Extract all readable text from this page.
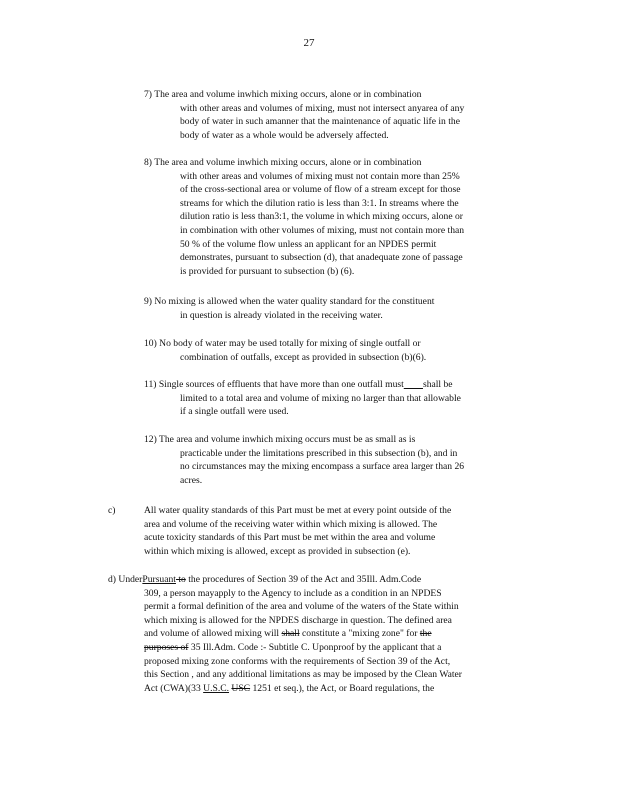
27
7) The area and volume inwhich mixing occurs, alone or in combination
with other areas and volumes of mixing, must not intersect anyarea of any
body of water in such amanner that the maintenance of aquatic life in the
body of water as a whole would be adversely affected.
8) The area and volume inwhich mixing occurs, alone or in combination
with other areas and volumes of mixing must not contain more than 25%
of the cross-sectional area or volume of flow of a stream except for those
streams for which the dilution ratio is less than 3:1. In streams where the
dilution ratio is less than3:1, the volume in which mixing occurs, alone or
in combination with other volumes of mixing, must not contain more than
50 % of the volume flow unless an applicant for an NPDES permit
demonstrates, pursuant to subsection (d), that anadequate zone of passage
is provided for pursuant to subsection (b) (6).
9) No mixing is allowed when the water quality standard for the constituent
in question is already violated in the receiving water.
10) No body of water may be used totally for mixing of single outfall or
combination of outfalls, except as provided in subsection (b)(6).
11) Single sources of effluents that have more than one outfall must​        shall be
limited to a total area and volume of mixing no larger than that allowable
if a single outfall were used.
12) The area and volume inwhich mixing occurs must be as small as is
practicable under the limitations prescribed in this subsection (b), and in
no circumstances may the mixing encompass a surface area larger than 26
acres.
c)	All water quality standards of this Part must be met at every point outside of the
area and volume of the receiving water within which mixing is allowed. The
acute toxicity standards of this Part must be met within the area and volume
within which mixing is allowed, except as provided in subsection (e).
d) UnderPursuant to the procedures of Section 39 of the Act and 35Ill. Adm.Code
309, a person mayapply to the Agency to include as a condition in an NPDES
permit a formal definition of the area and volume of the waters of the State within
which mixing is allowed for the NPDES discharge in question. The defined area
and volume of allowed mixing will shall constitute a "mixing zone" for the
purposes of 35 Ill.Adm. Code :- Subtitle C. Uponproof by the applicant that a
proposed mixing zone conforms with the requirements of Section 39 of the Act,
this Section , and any additional limitations as may be imposed by the Clean Water
Act (CWA)(33 U.S.C. USC 1251 et seq.), the Act, or Board regulations, the
